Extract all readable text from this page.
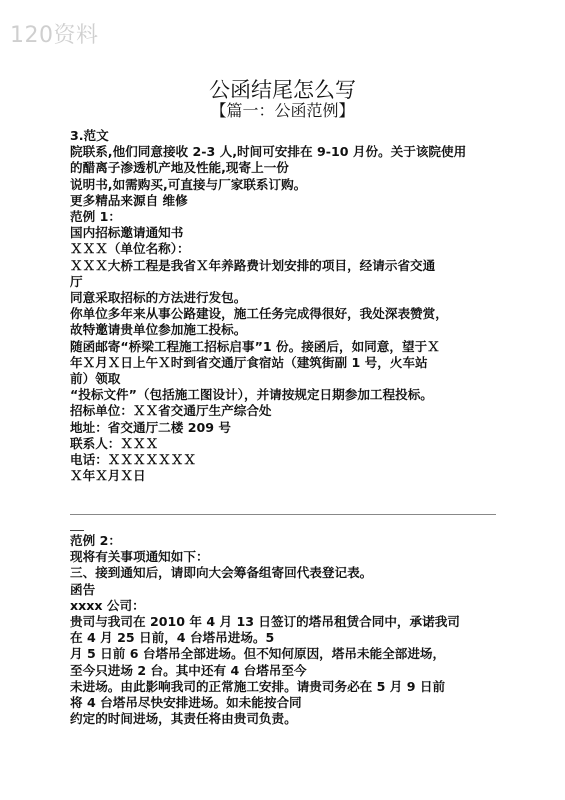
120资料
公函结尾怎么写
【篇一：公函范例】
3.范文
院联系,他们同意接收 2-3 人,时间可安排在 9-10 月份。关于该院使用
的醋离子渗透机产地及性能,现寄上一份
说明书,如需购买,可直接与厂家联系订购。
更多精品来源自 维修
范例 1：
国内招标邀请通知书
ＸＸＸ（单位名称）：
ＸＸＸ大桥工程是我省Ｘ年养路费计划安排的项目，经请示省交通
厅
同意采取招标的方法进行发包。
你单位多年来从事公路建设，施工任务完成得很好，我处深表赞赏，
故特邀请贵单位参加施工投标。
随函邮寄“桥梁工程施工招标启事”1 份。接函后，如同意，望于Ｘ
年Ｘ月Ｘ日上午Ｘ时到省交通厅食宿站（建筑街副 1 号，火车站
前）领取
“投标文件”（包括施工图设计），并请按规定日期参加工程投标。
招标单位：ＸＸ省交通厅生产综合处
地址：省交通厅二楼 209 号
联系人：ＸＸＸ
电话：ＸＸＸＸＸＸＸ
Ｘ年Ｘ月Ｘ日
范例 2：
现将有关事项通知如下：
三、接到通知后，请即向大会筹备组寄回代表登记表。
函告
xxxx 公司：
贵司与我司在 2010 年 4 月 13 日签订的塔吊租赁合同中，承诺我司
在 4 月 25 日前，4 台塔吊进场。5
月 5 日前 6 台塔吊全部进场。但不知何原因，塔吊未能全部进场，
至今只进场 2 台。其中还有 4 台塔吊至今
未进场。由此影响我司的正常施工安排。请贵司务必在 5 月 9 日前
将 4 台塔吊尽快安排进场。如未能按合同
约定的时间进场，其责任将由贵司负责。
